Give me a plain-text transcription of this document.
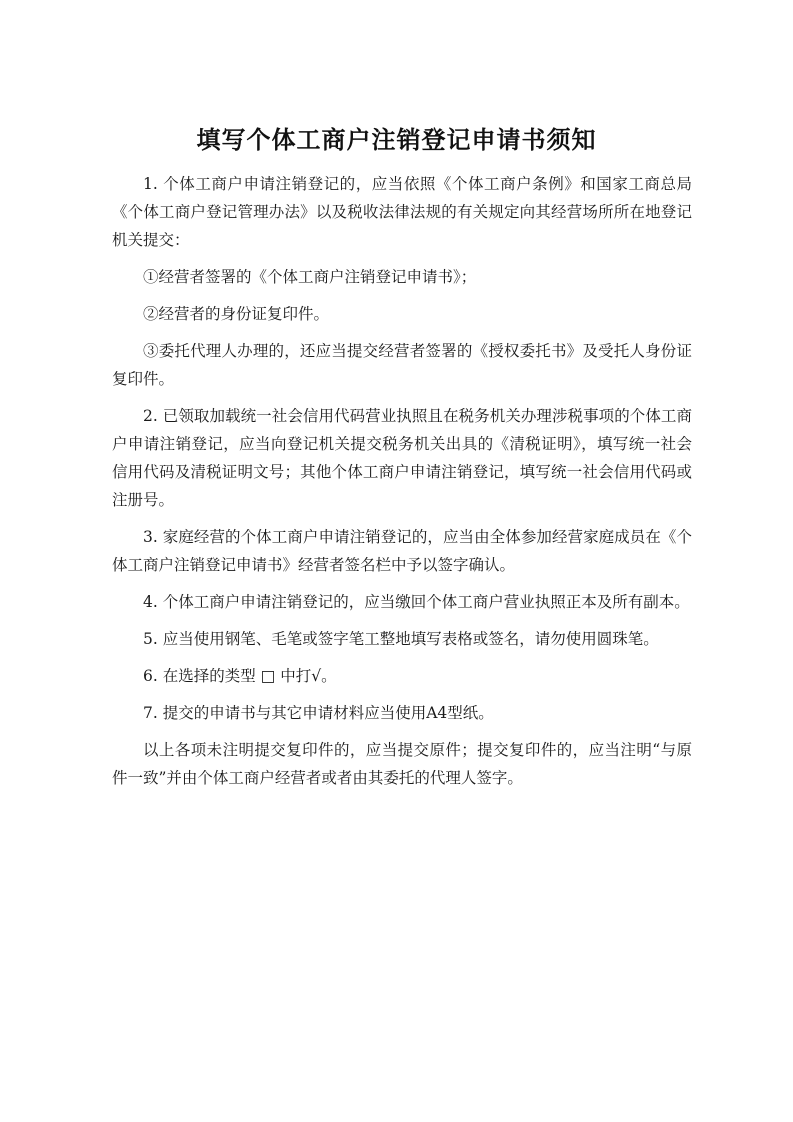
填写个体工商户注销登记申请书须知

1. 个体工商户申请注销登记的，应当依照《个体工商户条例》和国家工商总局《个体工商户登记管理办法》以及税收法律法规的有关规定向其经营场所所在地登记机关提交：

①经营者签署的《个体工商户注销登记申请书》；

②经营者的身份证复印件。

③委托代理人办理的，还应当提交经营者签署的《授权委托书》及受托人身份证复印件。

2. 已领取加载统一社会信用代码营业执照且在税务机关办理涉税事项的个体工商户申请注销登记，应当向登记机关提交税务机关出具的《清税证明》，填写统一社会信用代码及清税证明文号；其他个体工商户申请注销登记，填写统一社会信用代码或注册号。

3. 家庭经营的个体工商户申请注销登记的，应当由全体参加经营家庭成员在《个体工商户注销登记申请书》经营者签名栏中予以签字确认。

4. 个体工商户申请注销登记的，应当缴回个体工商户营业执照正本及所有副本。

5. 应当使用钢笔、毛笔或签字笔工整地填写表格或签名，请勿使用圆珠笔。

6. 在选择的类型 □ 中打√。

7. 提交的申请书与其它申请材料应当使用A4型纸。

以上各项未注明提交复印件的，应当提交原件；提交复印件的，应当注明“与原件一致”并由个体工商户经营者或者由其委托的代理人签字。
